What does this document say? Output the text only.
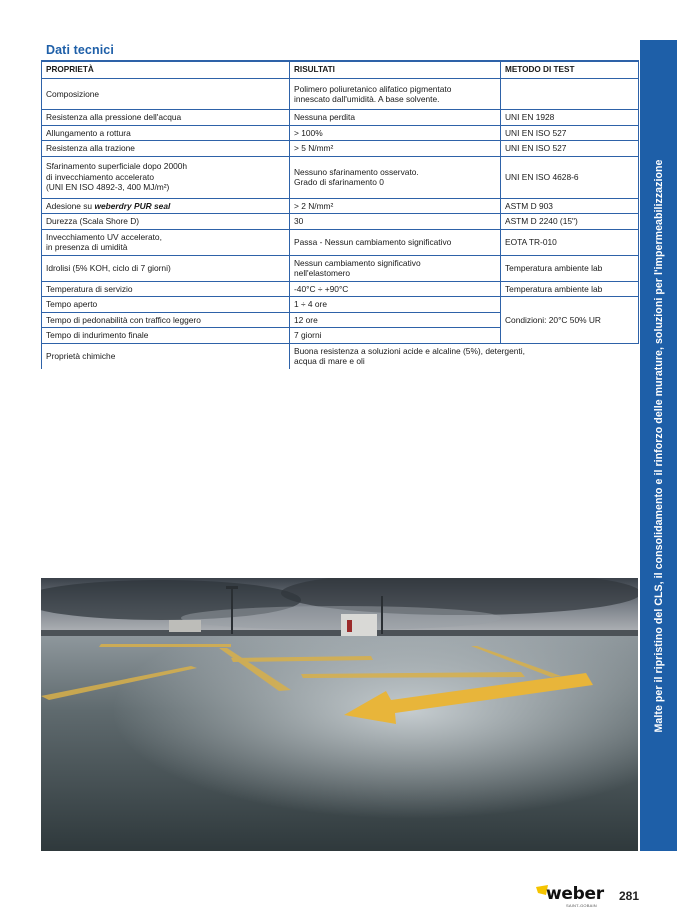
Dati tecnici
PROPRIETÀ	RISULTATI	METODO DI TEST
Composizione	Polimero poliuretanico alifatico pigmentato
innescato dall'umidità. A base solvente.	
Resistenza alla pressione dell'acqua	Nessuna perdita	UNI EN 1928
Allungamento a rottura	> 100%	UNI EN ISO 527
Resistenza alla trazione	> 5 N/mm²	UNI EN ISO 527
Sfarinamento superficiale dopo 2000h
di invecchiamento accelerato
(UNI EN ISO 4892-3, 400 MJ/m²)	Nessuno sfarinamento osservato.
Grado di sfarinamento 0	UNI EN ISO 4628-6
Adesione su weberdry PUR seal	> 2 N/mm²	ASTM D 903
Durezza (Scala Shore D)	30	ASTM D 2240 (15")
Invecchiamento UV accelerato,
in presenza di umidità	Passa - Nessun cambiamento significativo	EOTA TR-010
Idrolisi (5% KOH, ciclo di 7 giorni)	Nessun cambiamento significativo
nell'elastomero	Temperatura ambiente lab
Temperatura di servizio	-40°C ÷ +90°C	Temperatura ambiente lab
Tempo aperto	1 ÷ 4 ore	Condizioni: 20°C 50% UR
Tempo di pedonabilità con traffico leggero	12 ore	
Tempo di indurimento finale	7 giorni	
Proprietà chimiche	Buona resistenza a soluzioni acide e alcaline (5%), detergenti,
acqua di mare e oli		Malte per il ripristino del CLS, il consolidamento e il rinforzo delle murature, soluzioni per l'impermeabilizzazione
weber
SAINT-GOBAIN
281
